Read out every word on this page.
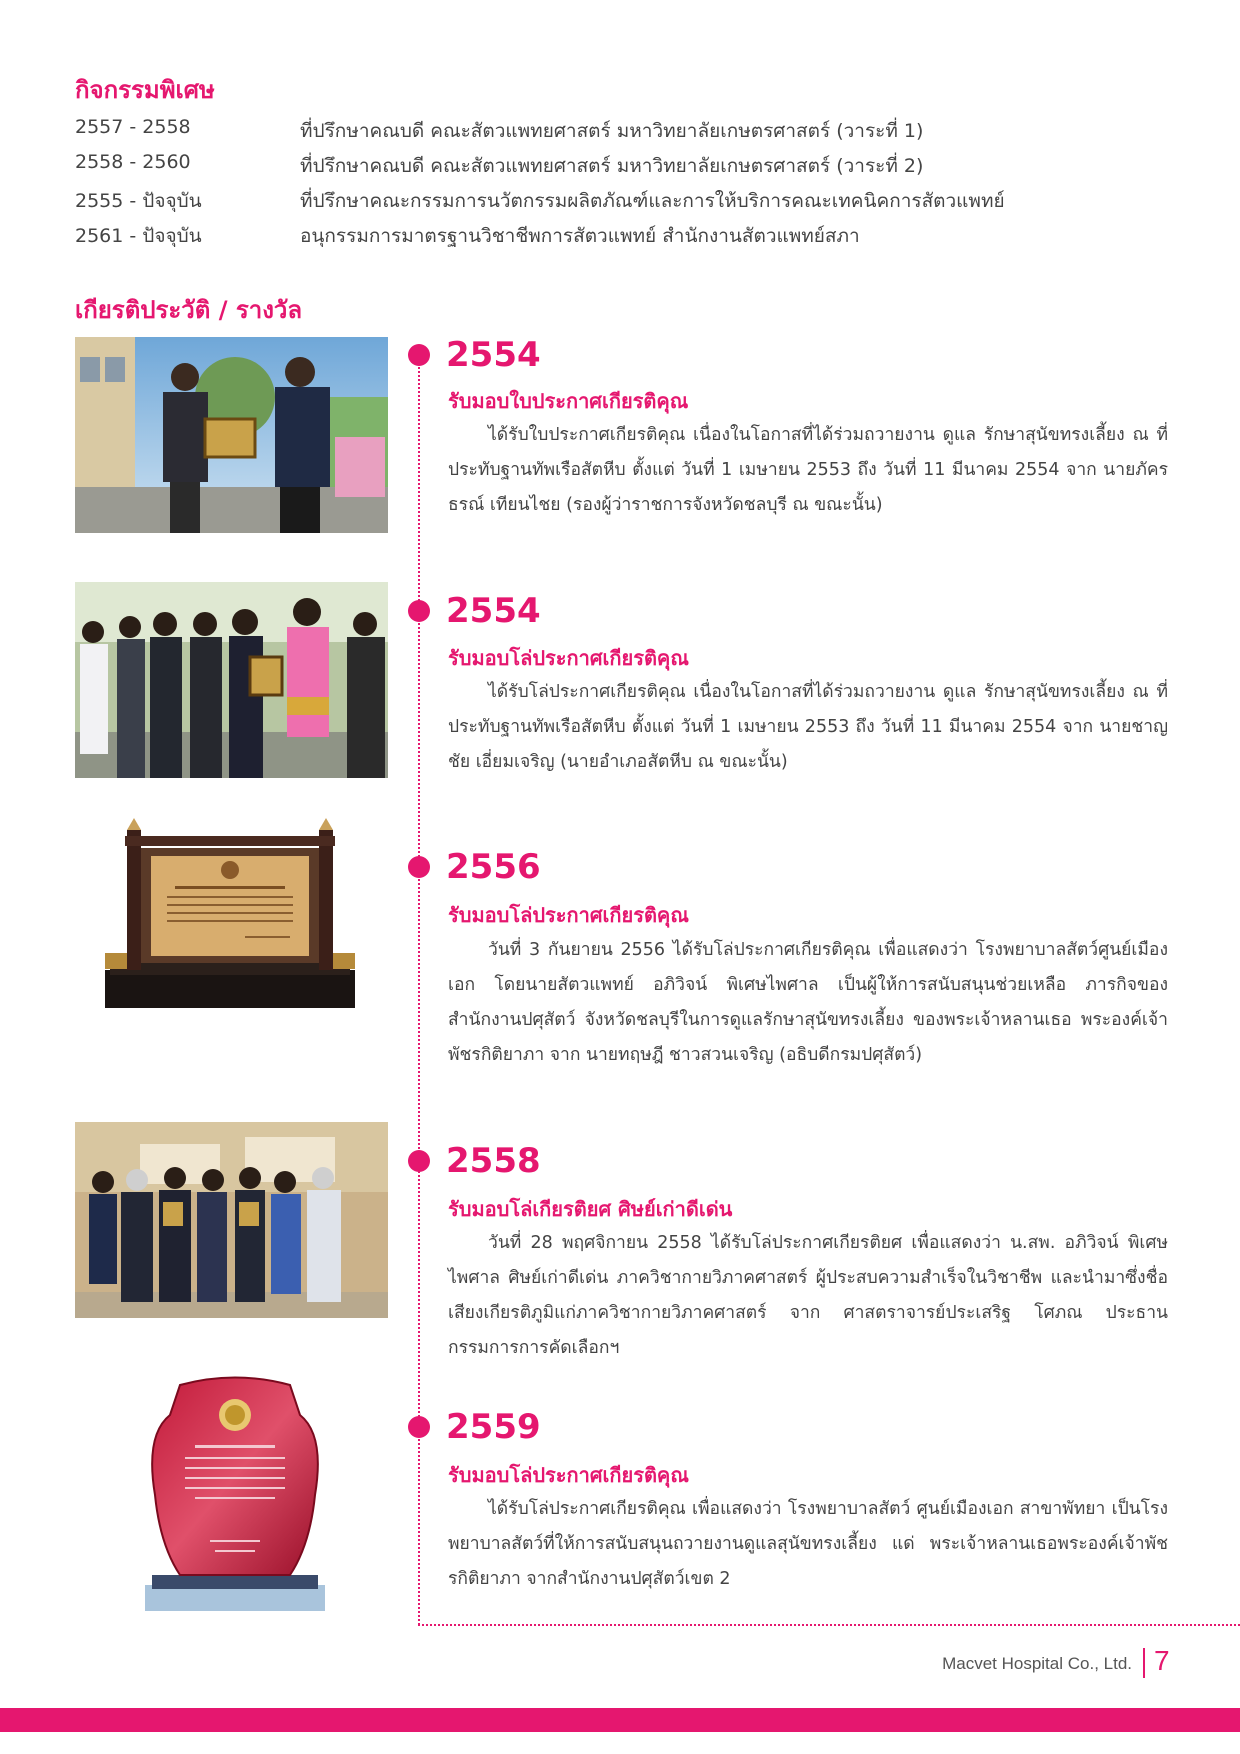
กิจกรรมพิเศษ
2557 - 2558	ที่ปรึกษาคณบดี คณะสัตวแพทยศาสตร์ มหาวิทยาลัยเกษตรศาสตร์ (วาระที่ 1)
2558 - 2560	ที่ปรึกษาคณบดี คณะสัตวแพทยศาสตร์ มหาวิทยาลัยเกษตรศาสตร์ (วาระที่ 2)
2555 - ปัจจุบัน	ที่ปรึกษาคณะกรรมการนวัตกรรมผลิตภัณฑ์และการให้บริการคณะเทคนิคการสัตวแพทย์
2561 - ปัจจุบัน	อนุกรรมการมาตรฐานวิชาชีพการสัตวแพทย์ สำนักงานสัตวแพทย์สภา
เกียรติประวัติ / รางวัล
2554
รับมอบใบประกาศเกียรติคุณ
ได้รับใบประกาศเกียรติคุณ เนื่องในโอกาสที่ได้ร่วมถวายงาน ดูแล รักษาสุนัขทรงเลี้ยง ณ ที่ประทับฐานทัพเรือสัตหีบ ตั้งแต่ วันที่ 1 เมษายน 2553 ถึง วันที่ 11 มีนาคม 2554 จาก นายภัครธรณ์ เทียนไชย (รองผู้ว่าราชการจังหวัดชลบุรี ณ ขณะนั้น)
2554
รับมอบโล่ประกาศเกียรติคุณ
ได้รับโล่ประกาศเกียรติคุณ เนื่องในโอกาสที่ได้ร่วมถวายงาน ดูแล รักษาสุนัขทรงเลี้ยง ณ ที่ประทับฐานทัพเรือสัตหีบ ตั้งแต่ วันที่ 1 เมษายน 2553 ถึง วันที่ 11 มีนาคม 2554 จาก นายชาญชัย เอี่ยมเจริญ (นายอำเภอสัตหีบ ณ ขณะนั้น)
2556
รับมอบโล่ประกาศเกียรติคุณ
วันที่ 3 กันยายน 2556 ได้รับโล่ประกาศเกียรติคุณ เพื่อแสดงว่า โรงพยาบาลสัตว์ศูนย์เมืองเอก โดยนายสัตวแพทย์ อภิวิจน์ พิเศษไพศาล เป็นผู้ให้การสนับสนุนช่วยเหลือ ภารกิจของสำนักงานปศุสัตว์ จังหวัดชลบุรีในการดูแลรักษาสุนัขทรงเลี้ยง ของพระเจ้าหลานเธอ พระองค์เจ้า พัชรกิติยาภา จาก นายทฤษฎี ชาวสวนเจริญ (อธิบดีกรมปศุสัตว์)
2558
รับมอบโล่เกียรติยศ ศิษย์เก่าดีเด่น
วันที่ 28 พฤศจิกายน 2558 ได้รับโล่ประกาศเกียรติยศ เพื่อแสดงว่า น.สพ. อภิวิจน์ พิเศษไพศาล ศิษย์เก่าดีเด่น ภาควิชากายวิภาคศาสตร์ ผู้ประสบความสำเร็จในวิชาชีพ และนำมาซึ่งชื่อเสียงเกียรติภูมิแก่ภาควิชากายวิภาคศาสตร์ จาก ศาสตราจารย์ประเสริฐ โศภณ ประธานกรรมการการคัดเลือกฯ
2559
รับมอบโล่ประกาศเกียรติคุณ
ได้รับโล่ประกาศเกียรติคุณ เพื่อแสดงว่า โรงพยาบาลสัตว์ ศูนย์เมืองเอก สาขาพัทยา เป็นโรงพยาบาลสัตว์ที่ให้การสนับสนุนถวายงานดูแลสุนัขทรงเลี้ยง แด่ พระเจ้าหลานเธอพระองค์เจ้าพัชรกิติยาภา จากสำนักงานปศุสัตว์เขต 2
Macvet Hospital Co., Ltd. 7
